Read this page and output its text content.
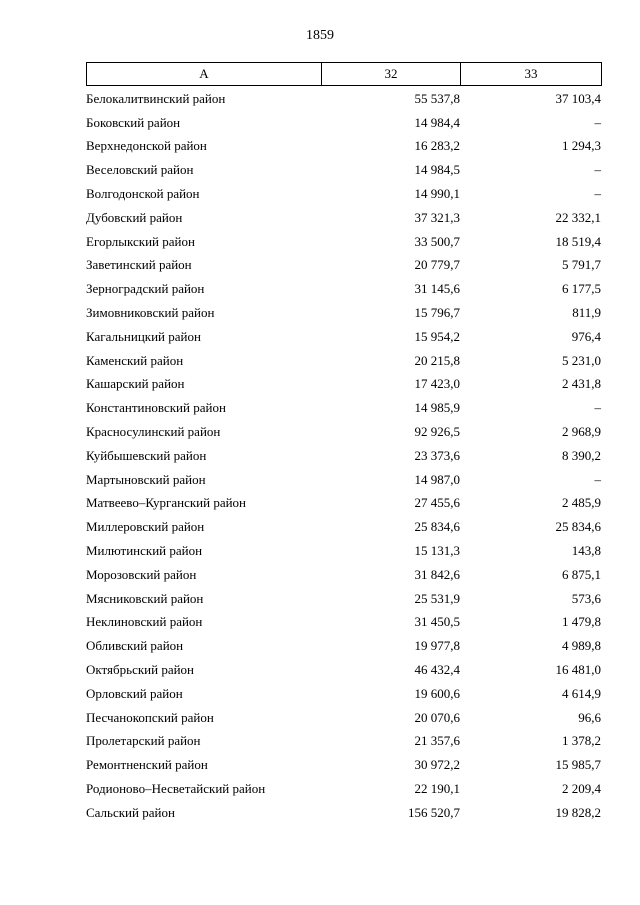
1859
А	32	33
Белокалитвинский район	55 537,8	37 103,4
Боковский район	14 984,4	–
Верхнедонской район	16 283,2	1 294,3
Веселовский район	14 984,5	–
Волгодонской район	14 990,1	–
Дубовский район	37 321,3	22 332,1
Егорлыкский район	33 500,7	18 519,4
Заветинский район	20 779,7	5 791,7
Зерноградский район	31 145,6	6 177,5
Зимовниковский район	15 796,7	811,9
Кагальницкий район	15 954,2	976,4
Каменский район	20 215,8	5 231,0
Кашарский район	17 423,0	2 431,8
Константиновский район	14 985,9	–
Красносулинский район	92 926,5	2 968,9
Куйбышевский район	23 373,6	8 390,2
Мартыновский район	14 987,0	–
Матвеево–Курганский район	27 455,6	2 485,9
Миллеровский район	25 834,6	25 834,6
Милютинский район	15 131,3	143,8
Морозовский район	31 842,6	6 875,1
Мясниковский район	25 531,9	573,6
Неклиновский район	31 450,5	1 479,8
Обливский район	19 977,8	4 989,8
Октябрьский район	46 432,4	16 481,0
Орловский район	19 600,6	4 614,9
Песчанокопский район	20 070,6	96,6
Пролетарский район	21 357,6	1 378,2
Ремонтненский район	30 972,2	15 985,7
Родионово–Несветайский район	22 190,1	2 209,4
Сальский район	156 520,7	19 828,2
